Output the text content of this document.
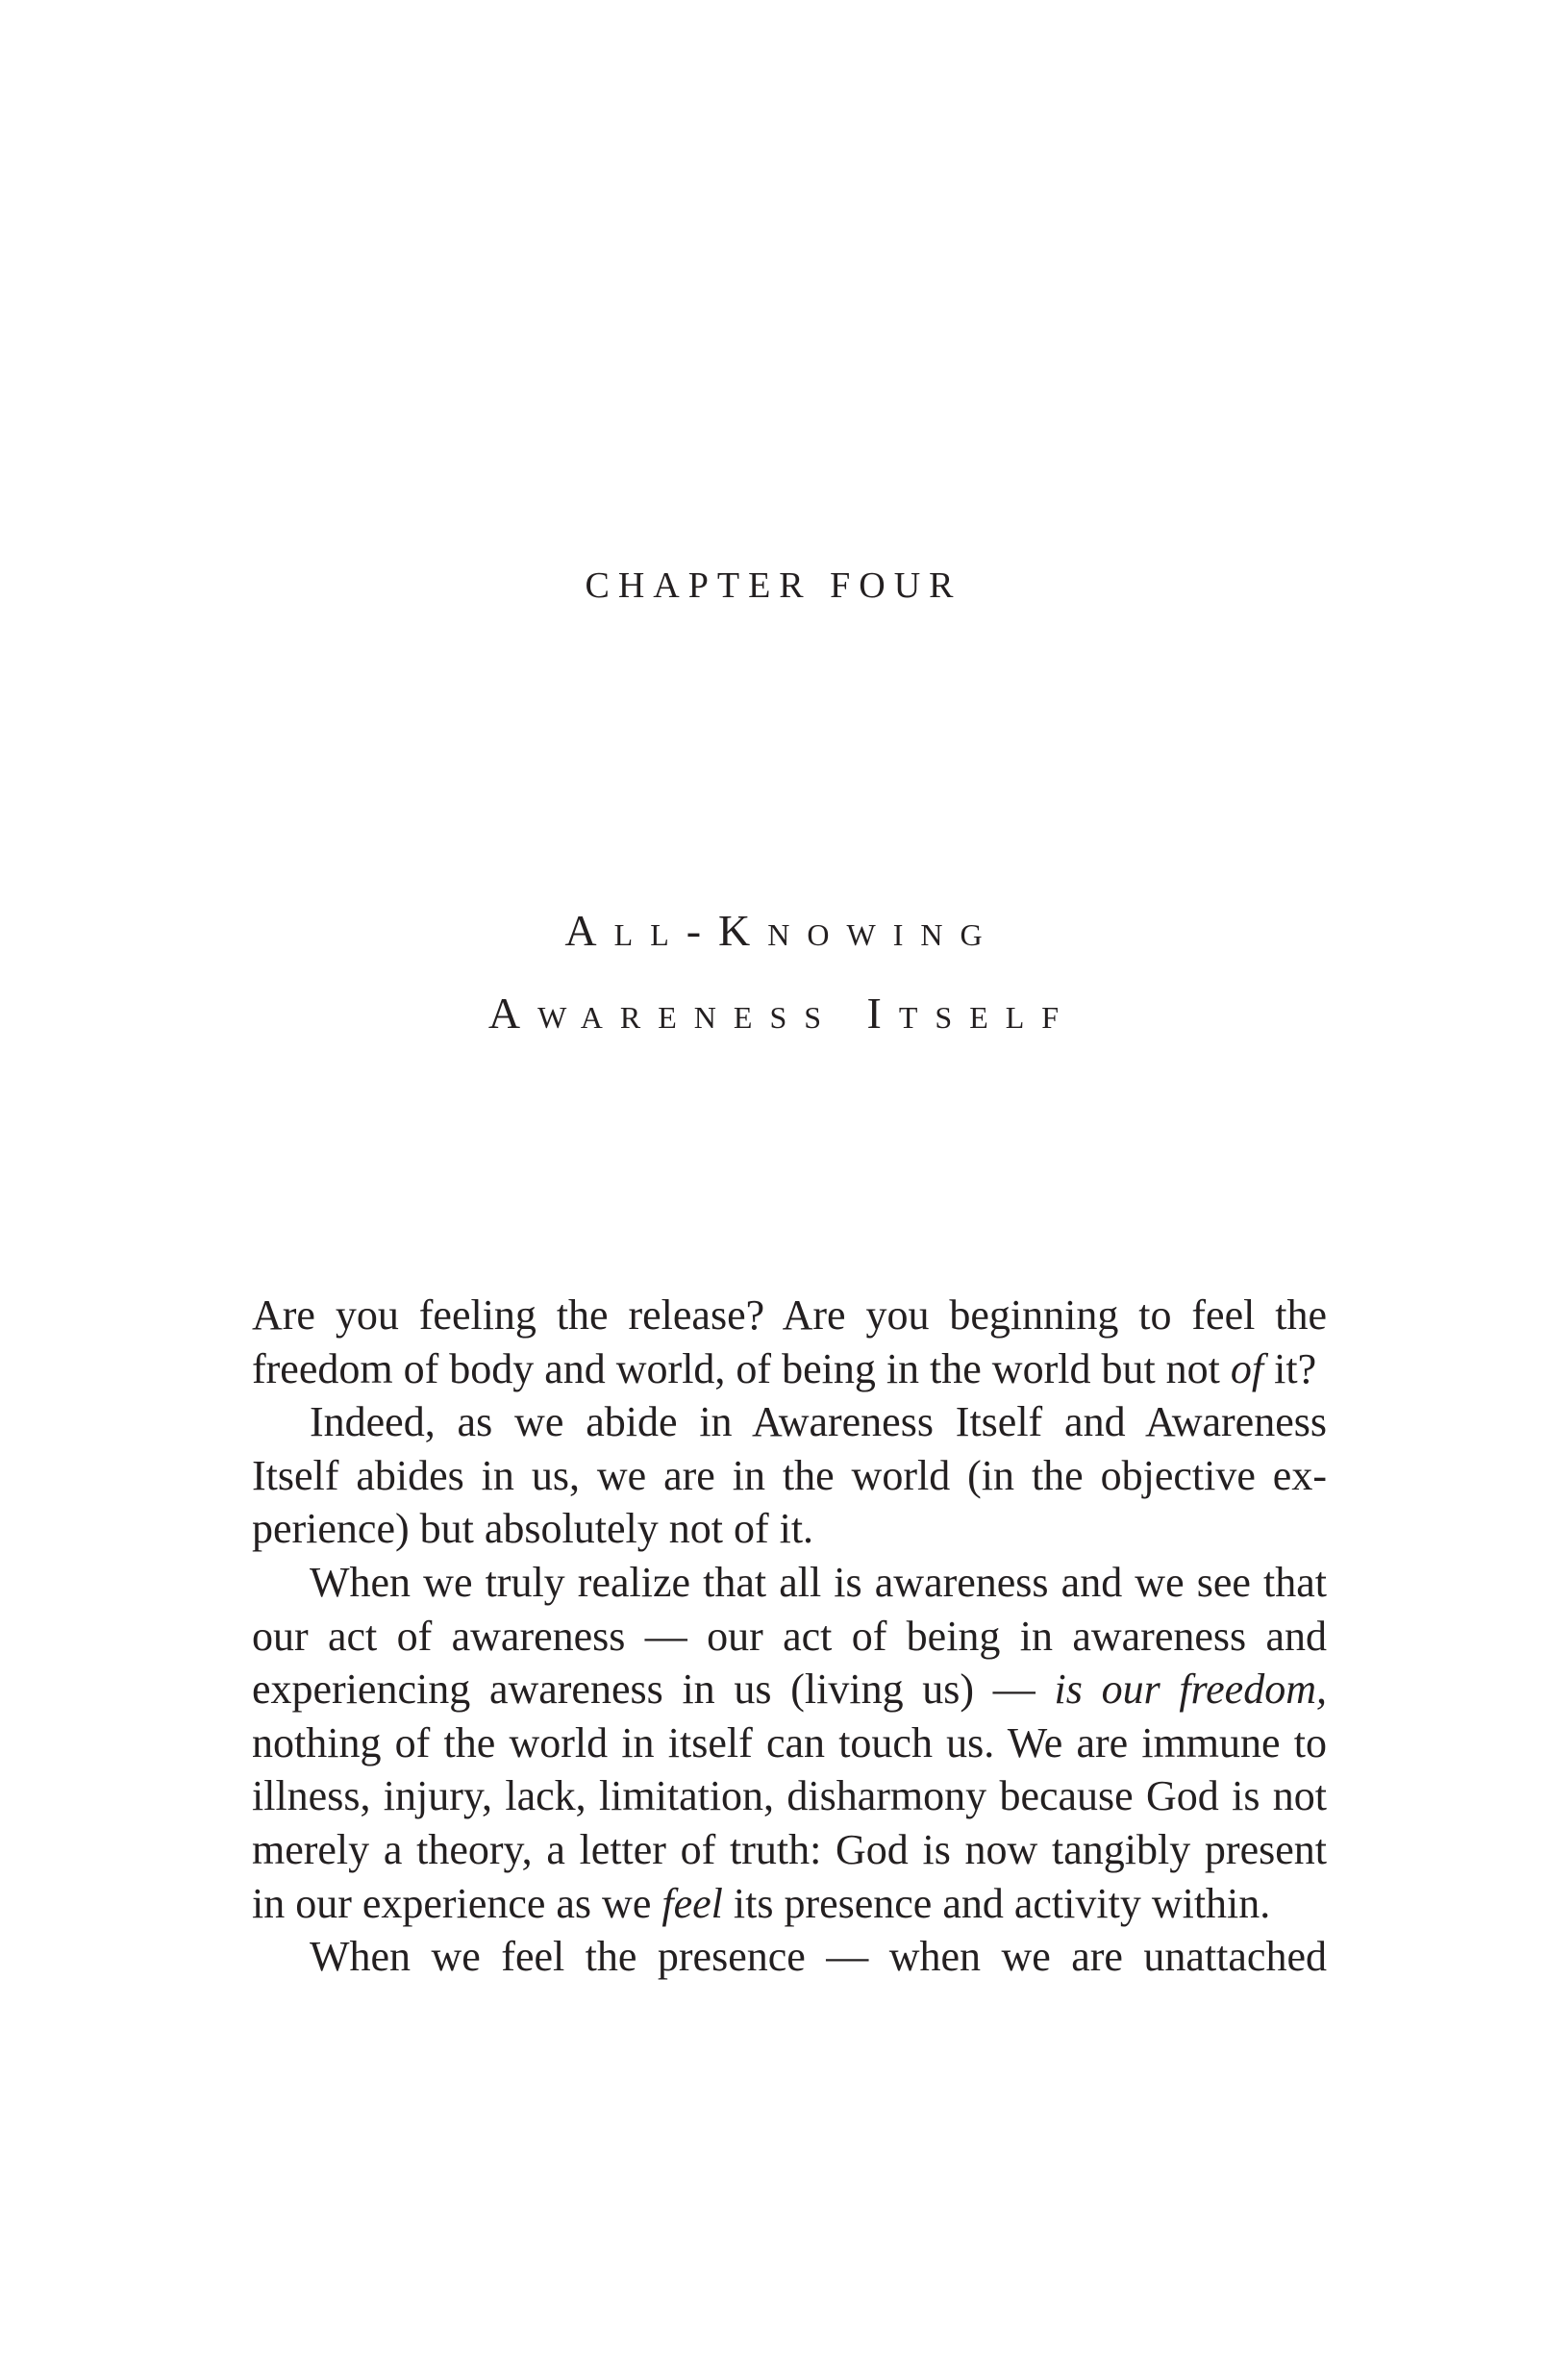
CHAPTER FOUR
All-Knowing
Awareness Itself

Are you feeling the release? Are you beginning to feel the freedom of body and world, of being in the world but not of it?

Indeed, as we abide in Awareness Itself and Awareness Itself abides in us, we are in the world (in the objective ex-perience) but absolutely not of it.

When we truly realize that all is awareness and we see that our act of awareness — our act of being in awareness and experiencing awareness in us (living us) — is our freedom, nothing of the world in itself can touch us. We are immune to illness, injury, lack, limitation, disharmony because God is not merely a theory, a letter of truth: God is now tangibly present in our experience as we feel its presence and activity within.

When we feel the presence — when we are unattached
